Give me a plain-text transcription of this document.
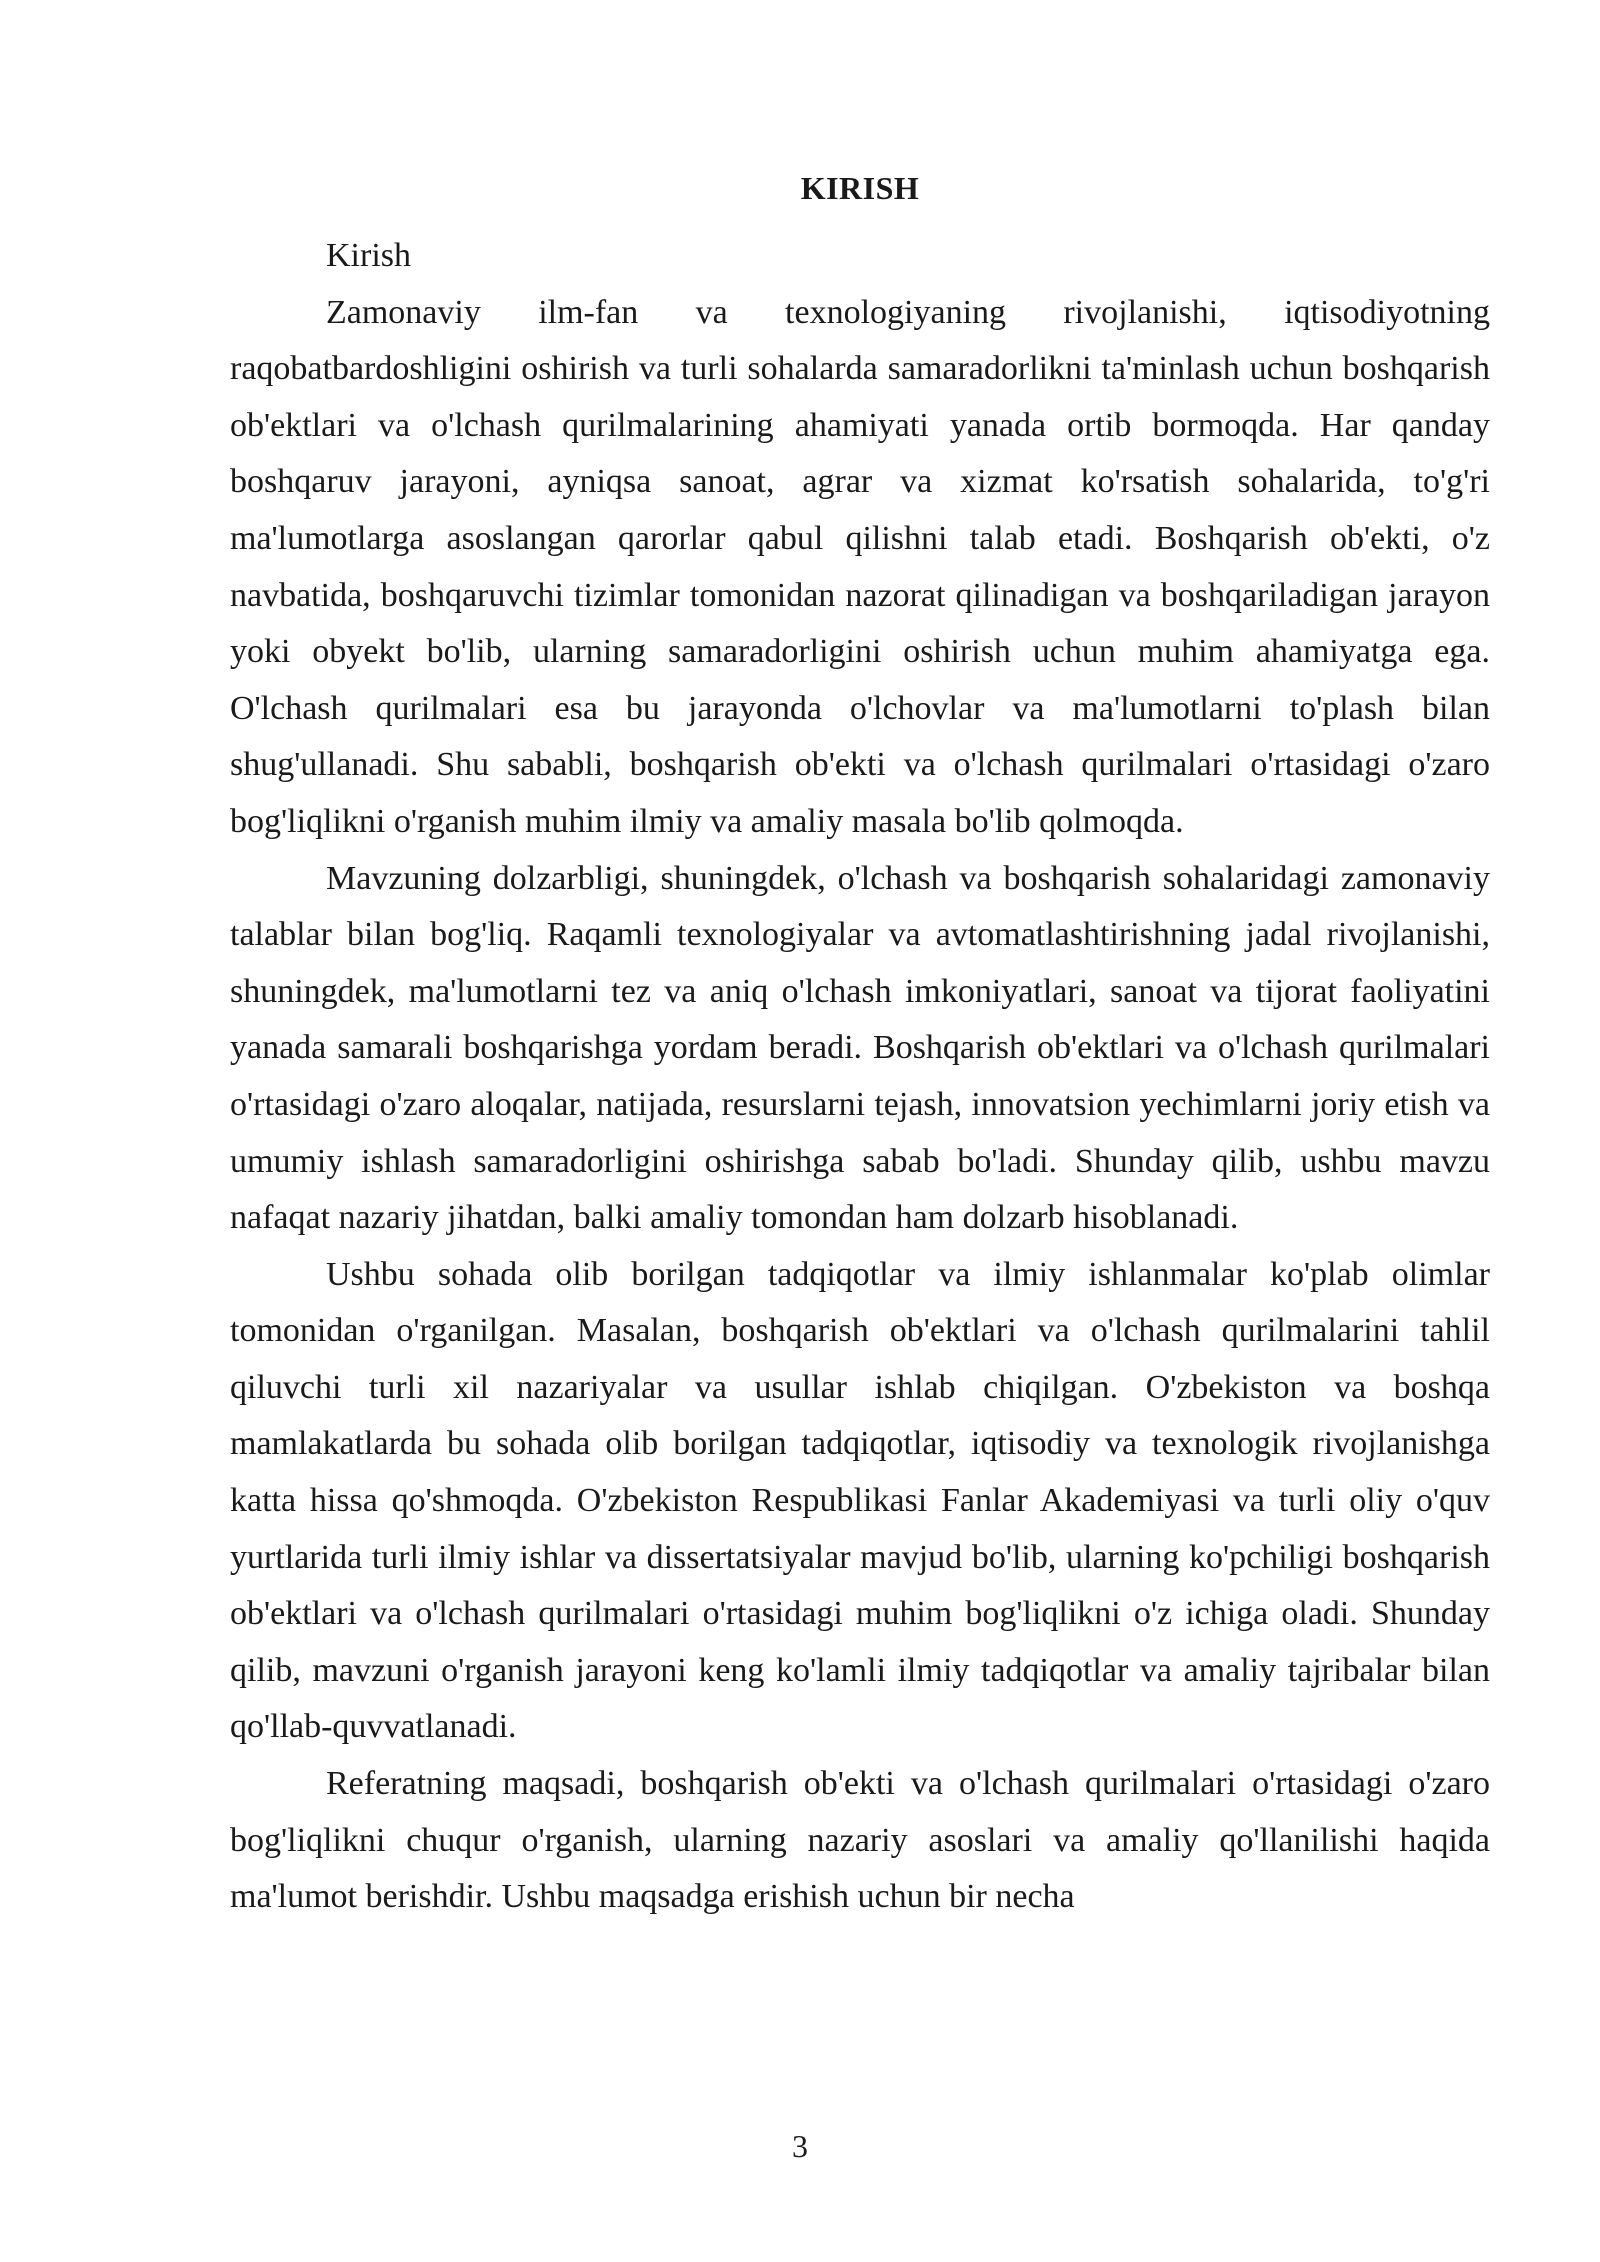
KIRISH

Kirish

Zamonaviy ilm-fan va texnologiyaning rivojlanishi, iqtisodiyotning raqobatbardoshligini oshirish va turli sohalarda samaradorlikni ta'minlash uchun boshqarish ob'ektlari va o'lchash qurilmalarining ahamiyati yanada ortib bormoqda. Har qanday boshqaruv jarayoni, ayniqsa sanoat, agrar va xizmat ko'rsatish sohalarida, to'g'ri ma'lumotlarga asoslangan qarorlar qabul qilishni talab etadi. Boshqarish ob'ekti, o'z navbatida, boshqaruvchi tizimlar tomonidan nazorat qilinadigan va boshqariladigan jarayon yoki obyekt bo'lib, ularning samaradorligini oshirish uchun muhim ahamiyatga ega. O'lchash qurilmalari esa bu jarayonda o'lchovlar va ma'lumotlarni to'plash bilan shug'ullanadi. Shu sababli, boshqarish ob'ekti va o'lchash qurilmalari o'rtasidagi o'zaro bog'liqlikni o'rganish muhim ilmiy va amaliy masala bo'lib qolmoqda.

Mavzuning dolzarbligi, shuningdek, o'lchash va boshqarish sohalaridagi zamonaviy talablar bilan bog'liq. Raqamli texnologiyalar va avtomatlashtirishning jadal rivojlanishi, shuningdek, ma'lumotlarni tez va aniq o'lchash imkoniyatlari, sanoat va tijorat faoliyatini yanada samarali boshqarishga yordam beradi. Boshqarish ob'ektlari va o'lchash qurilmalari o'rtasidagi o'zaro aloqalar, natijada, resurslarni tejash, innovatsion yechimlarni joriy etish va umumiy ishlash samaradorligini oshirishga sabab bo'ladi. Shunday qilib, ushbu mavzu nafaqat nazariy jihatdan, balki amaliy tomondan ham dolzarb hisoblanadi.

Ushbu sohada olib borilgan tadqiqotlar va ilmiy ishlanmalar ko'plab olimlar tomonidan o'rganilgan. Masalan, boshqarish ob'ektlari va o'lchash qurilmalarini tahlil qiluvchi turli xil nazariyalar va usullar ishlab chiqilgan. O'zbekiston va boshqa mamlakatlarda bu sohada olib borilgan tadqiqotlar, iqtisodiy va texnologik rivojlanishga katta hissa qo'shmoqda. O'zbekiston Respublikasi Fanlar Akademiyasi va turli oliy o'quv yurtlarida turli ilmiy ishlar va dissertatsiyalar mavjud bo'lib, ularning ko'pchiligi boshqarish ob'ektlari va o'lchash qurilmalari o'rtasidagi muhim bog'liqlikni o'z ichiga oladi. Shunday qilib, mavzuni o'rganish jarayoni keng ko'lamli ilmiy tadqiqotlar va amaliy tajribalar bilan qo'llab-quvvatlanadi.

Referatning maqsadi, boshqarish ob'ekti va o'lchash qurilmalari o'rtasidagi o'zaro bog'liqlikni chuqur o'rganish, ularning nazariy asoslari va amaliy qo'llanilishi haqida ma'lumot berishdir. Ushbu maqsadga erishish uchun bir necha

3
